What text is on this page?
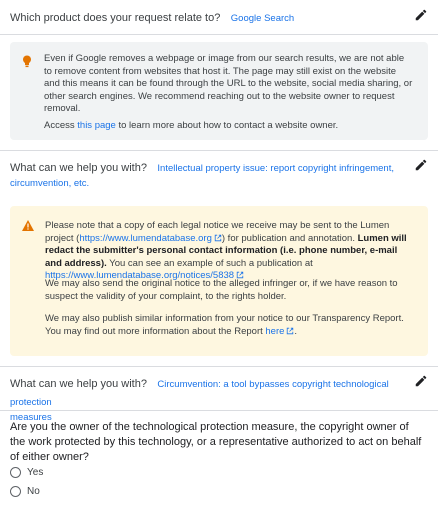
Which product does your request relate to? Google Search
Even if Google removes a webpage or image from our search results, we are not able to remove content from websites that host it. The page may still exist on the website and this means it can be found through the URL to the website, social media sharing, or other search engines. We recommend reaching out to the website owner to request removal.
Access this page to learn more about how to contact a website owner.
What can we help you with? Intellectual property issue: report copyright infringement,
circumvention, etc.
Please note that a copy of each legal notice we receive may be sent to the Lumen project (https://www.lumendatabase.org ) for publication and annotation. Lumen will redact the submitter's personal contact information (i.e. phone number, e-mail and address). You can see an example of such a publication at https://www.lumendatabase.org/notices/5838
We may also send the original notice to the alleged infringer or, if we have reason to suspect the validity of your complaint, to the rights holder.
We may also publish similar information from your notice to our Transparency Report. You may find out more information about the Report here .
What can we help you with? Circumvention: a tool bypasses copyright technological protection
measures
Are you the owner of the technological protection measure, the copyright owner of the work protected by this technology, or a representative authorized to act on behalf of either owner?
Yes
No
